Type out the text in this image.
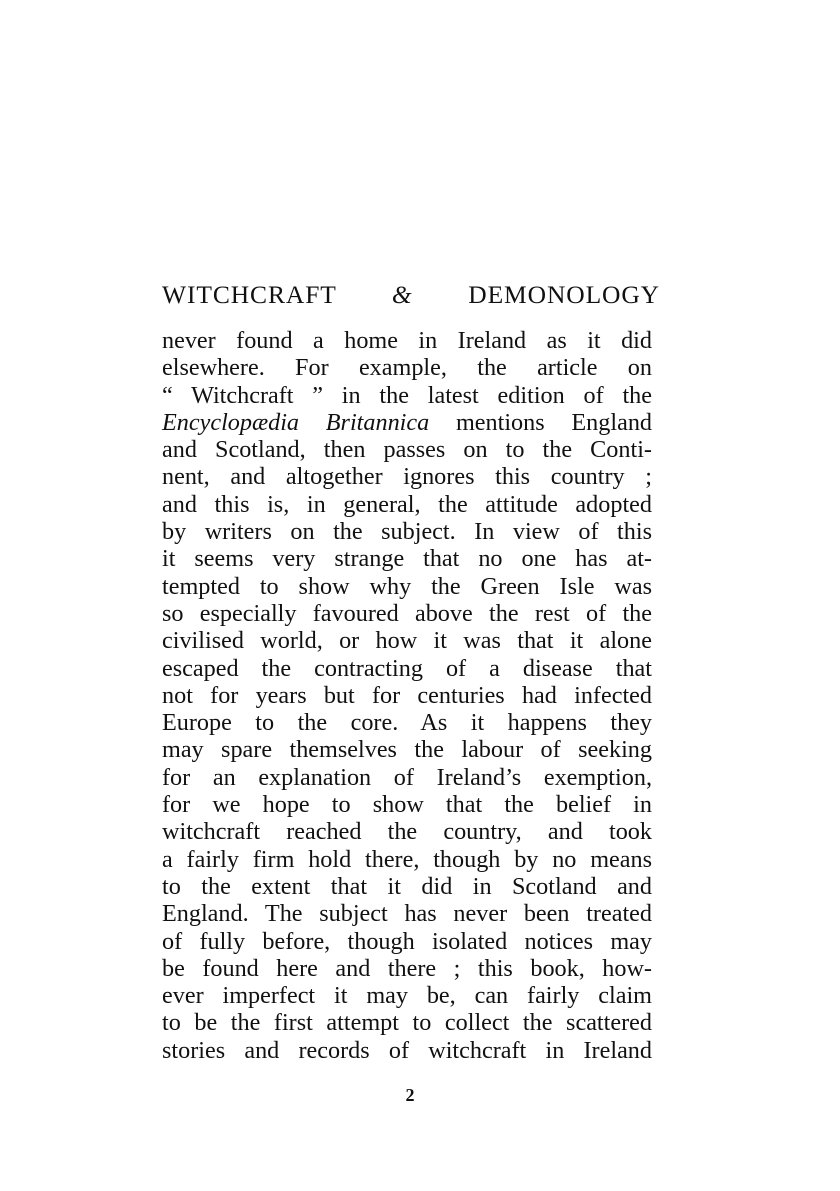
WITCHCRAFT & DEMONOLOGY
never found a home in Ireland as it did
elsewhere. For example, the article on
“ Witchcraft ” in the latest edition of the
Encyclopædia Britannica mentions England
and Scotland, then passes on to the Conti-
nent, and altogether ignores this country ;
and this is, in general, the attitude adopted
by writers on the subject. In view of this
it seems very strange that no one has at-
tempted to show why the Green Isle was
so especially favoured above the rest of the
civilised world, or how it was that it alone
escaped the contracting of a disease that
not for years but for centuries had infected
Europe to the core. As it happens they
may spare themselves the labour of seeking
for an explanation of Ireland’s exemption,
for we hope to show that the belief in
witchcraft reached the country, and took
a fairly firm hold there, though by no means
to the extent that it did in Scotland and
England. The subject has never been treated
of fully before, though isolated notices may
be found here and there ; this book, how-
ever imperfect it may be, can fairly claim
to be the first attempt to collect the scattered
stories and records of witchcraft in Ireland
2
